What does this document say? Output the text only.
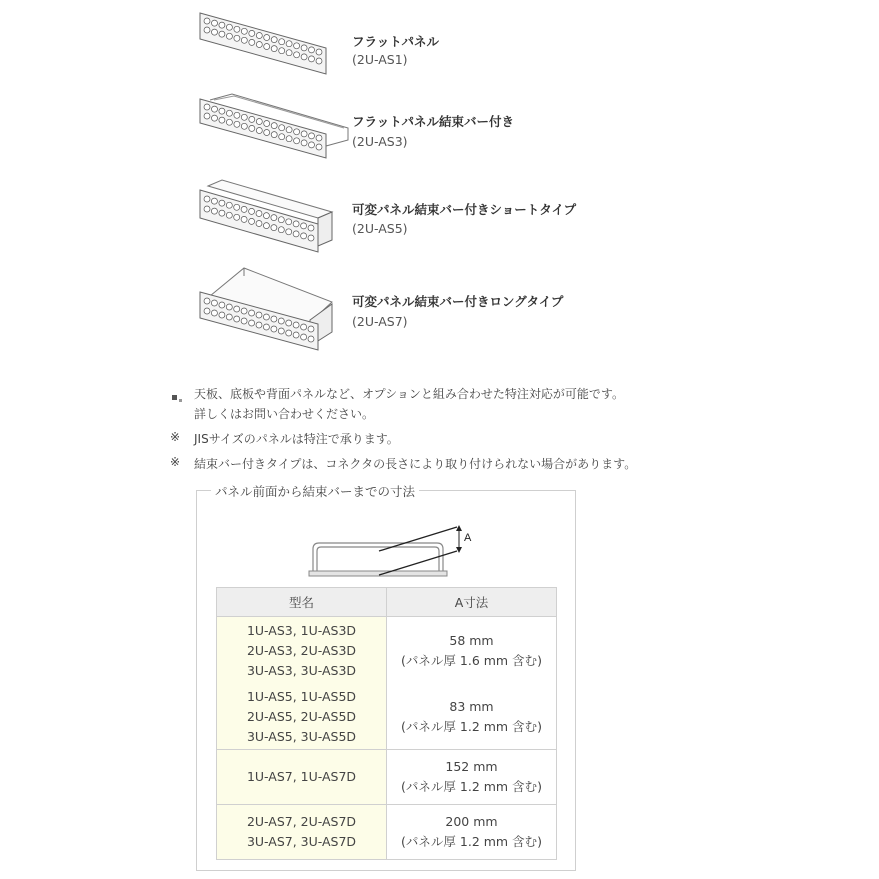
フラットパネル
(2U-AS1)
フラットパネル結束バー付き
(2U-AS3)
可変パネル結束バー付きショートタイプ
(2U-AS5)
可変パネル結束バー付きロングタイプ
(2U-AS7)
天板、底板や背面パネルなど、オプションと組み合わせた特注対応が可能です。
詳しくはお問い合わせください。
※	JISサイズのパネルは特注で承ります。
※	結束バー付きタイプは、コネクタの長さにより取り付けられない場合があります。
パネル前面から結束バーまでの寸法
A
型名	A寸法

1U-AS3, 1U-AS3D
2U-AS3, 2U-AS3D
3U-AS3, 3U-AS3D	58 mm
(パネル厚 1.6 mm 含む)

1U-AS5, 1U-AS5D
2U-AS5, 2U-AS5D
3U-AS5, 3U-AS5D	83 mm
(パネル厚 1.2 mm 含む)

1U-AS7, 1U-AS7D	152 mm
(パネル厚 1.2 mm 含む)

2U-AS7, 2U-AS7D
3U-AS7, 3U-AS7D	200 mm
(パネル厚 1.2 mm 含む)
